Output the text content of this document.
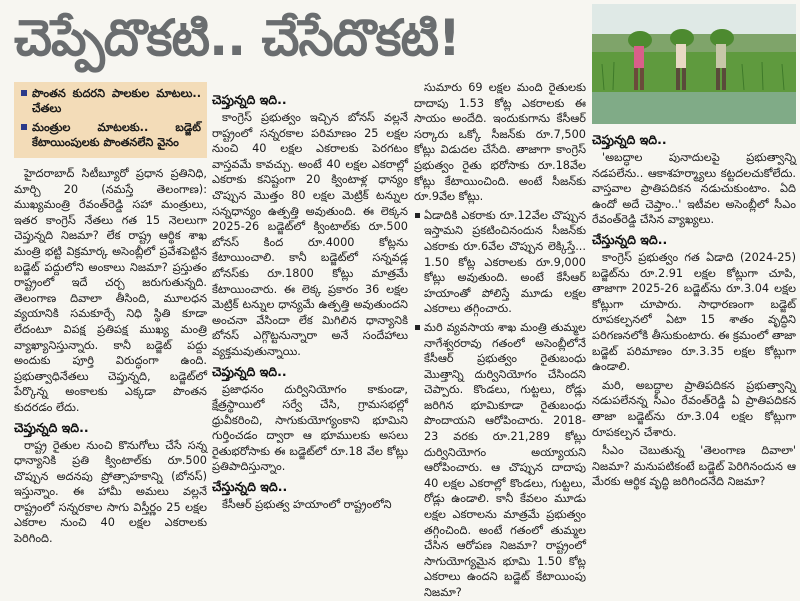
చెప్పేదొకటి.. చేసేదొకటి!
పొంతన కుదరని పాలకుల మాటలు.. చేతలు
మంత్రుల మాటలకు.. బడ్జెట్ కేటాయింపులకు పొంతనలేని వైనం

హైదరాబాద్ సిటీబ్యూరో ప్రధాన ప్రతినిధి, మార్చి 20 (నమస్తే తెలంగాణ): ముఖ్యమంత్రి రేవంత్‌రెడ్డి సహా మంత్రులు, ఇతర కాంగ్రెస్ నేతలు గత 15 నెలలుగా చెప్తున్నది నిజమా? లేక రాష్ట్ర ఆర్థిక శాఖ మంత్రి భట్టి విక్రమార్క అసెంబ్లీలో ప్రవేశపెట్టిన బడ్జెట్ పద్దులోని అంకాలు నిజమా? ప్రస్తుతం రాష్ట్రంలో ఇదే చర్చ జరుగుతున్నది. తెలంగాణ దివాలా తీసింది, మూలధన వ్యయానికి సమకూర్చే నిధి స్థితి కూడా లేదంటూ విపక్ష ప్రతిపక్ష ముఖ్య మంత్రి వ్యాఖ్యానిస్తున్నారు. కానీ బడ్జెట్ పద్దు అందుకు పూర్తి విరుద్ధంగా ఉంది. ప్రభుత్వాధినేతలు చెప్తున్నది, బడ్జెట్‌లో పేర్కొన్న అంకాలకు ఎక్కడా పొంతన కుదరడం లేదు.

చెప్తున్నది ఇది..

రాష్ట్ర రైతుల నుంచి కొనుగోలు చేసే సన్న ధాన్యానికి ప్రతి క్వింటాల్‌కు రూ.500 చొప్పున అదనపు ప్రోత్సాహకాన్ని (బోనస్) ఇస్తున్నాం. ఈ హామీ అమలు వల్లనే రాష్ట్రంలో సన్నరకాల సాగు విస్తీర్ణం 25 లక్షల ఎకరాల నుంచి 40 లక్షల ఎకరాలకు పెరిగింది.

చెప్తున్నది ఇది..

కాంగ్రెస్ ప్రభుత్వం ఇచ్చిన బోనస్ వల్లనే రాష్ట్రంలో సన్నరకాల పరిమాణం 25 లక్షల నుంచి 40 లక్షల ఎకరాలకు పెరగటం వాస్తవమే కావచ్చు. అంటే 40 లక్షల ఎకరాల్లో ఎకరాకు కనిష్టంగా 20 క్వింటాళ్ల ధాన్యం చొప్పున మొత్తం 80 లక్షల మెట్రిక్ టన్నుల సన్నధాన్యం ఉత్పత్తి అవుతుంది. ఈ లెక్కన 2025-26 బడ్జెట్‌లో క్వింటాల్‌కు రూ.500 బోనస్ కింద రూ.4000 కోట్లను కేటాయించాలి. కానీ బడ్జెట్‌లో సన్నవడ్ల బోనస్‌కు రూ.1800 కోట్లు మాత్రమే కేటాయించారు. ఈ లెక్క ప్రకారం 36 లక్షల మెట్రిక్ టన్నుల ధాన్యమే ఉత్పత్తి అవుతుందని అంచనా వేసిందా లేక మిగిలిన ధాన్యానికి బోనస్ ఎగ్గొట్టనున్నారా అనే సందేహాలు వ్యక్తమవుతున్నాయి.

చెప్తున్నది ఇది..

ప్రజాధనం దుర్వినియోగం కాకుండా, క్షేత్రస్థాయిలో సర్వే చేసి, గ్రామసభల్లో ధ్రువీకరించి, సాగుకుయోగ్యంకాని భూమిని గుర్తించడం ద్వారా ఆ భూములకు అసలు రైతుభరోసాకు ఈ బడ్జెట్‌లో రూ.18 వేల కోట్లు ప్రతిపాదిస్తున్నాం.

చేస్తున్నది ఇది..

కేసీఆర్ ప్రభుత్వ హయాంలో రాష్ట్రంలోని

సుమారు 69 లక్షల మంది రైతులకు దాదాపు 1.53 కోట్ల ఎకరాలకు ఈ సాయం అందేది. ఇందుకుగాను కేసీఆర్ సర్కారు ఒక్కో సీజన్‌కు రూ.7,500 కోట్లు విడుదల చేసేది. తాజాగా కాంగ్రెస్ ప్రభుత్వం రైతు భరోసాకు రూ.18వేల కోట్లు కేటాయించింది. అంటే సీజన్‌కు రూ.9వేల కోట్లు.

ఏడాదికి ఎకరాకు రూ.12వేల చొప్పున ఇస్తామని ప్రకటించినందున సీజన్‌కు ఎకరాకు రూ.6వేల చొప్పున లెక్కిస్తే... 1.50 కోట్ల ఎకరాలకు రూ.9,000 కోట్లు అవుతుంది. అంటే కేసీఆర్ హయాంతో పోలిస్తే మూడు లక్షల ఎకరాలు తగ్గించారు.

మరి వ్యవసాయ శాఖ మంత్రి తుమ్మల నాగేశ్వరరావు గతంలో అసెంబ్లీలోనే కేసీఆర్ ప్రభుత్వం రైతుబంధు మొత్తాన్ని దుర్వినియోగం చేసిందని చెప్పారు. కొండలు, గుట్టలు, రోడ్లు జరిగిన భూమికూడా రైతుబంధు పొందాయని ఆరోపించారు. 2018-23 వరకు రూ.21,289 కోట్లు దుర్వినియోగం అయ్యాయని ఆరోపించారు. ఆ చొప్పున దాదాపు 40 లక్షల ఎకరాల్లో కొండలు, గుట్టలు, రోడ్లు ఉండాలి. కానీ కేవలం మూడు లక్షల ఎకరాలను మాత్రమే ప్రభుత్వం తగ్గించింది. అంటే గతంలో తుమ్మల చేసిన ఆరోపణ నిజమా? రాష్ట్రంలో సాగుయోగ్యమైన భూమి 1.50 కోట్ల ఎకరాలు ఉందని బడ్జెట్ కేటాయింపు నిజమా?

చెప్తున్నది ఇది..

'అబద్ధాల పునాదులపై ప్రభుత్వాన్ని నడపలేను.. ఆకాశహర్మ్యాలు కట్టదలచుకోలేదు. వాస్తవాల ప్రాతిపదికన నడుచుకుంటాం. ఏది ఉందో అదే చెప్తాం..' ఇటీవల అసెంబ్లీలో సీఎం రేవంత్‌రెడ్డి చేసిన వ్యాఖ్యలు.

చేస్తున్నది ఇది..

కాంగ్రెస్ ప్రభుత్వం గత ఏడాది (2024-25) బడ్జెట్‌ను రూ.2.91 లక్షల కోట్లుగా చూపి, తాజాగా 2025-26 బడ్జెట్‌ను రూ.3.04 లక్షల కోట్లుగా చూపారు. సాధారణంగా బడ్జెట్ రూపకల్పనలో ఏటా 15 శాతం వృద్ధిని పరిగణనలోకి తీసుకుంటారు. ఈ క్రమంలో తాజా బడ్జెట్ పరిమాణం రూ.3.35 లక్షల కోట్లుగా ఉండాలి.

మరి, అబద్ధాల ప్రాతిపదికన ప్రభుత్వాన్ని నడుపలేనన్న సీఎం రేవంత్‌రెడ్డి ఏ ప్రాతిపదికన తాజా బడ్జెట్‌ను రూ.3.04 లక్షల కోట్లుగా రూపకల్పన చేశారు.

సీఎం చెబుతున్న 'తెలంగాణ దివాలా' నిజమా? మనుపటికంటే బడ్జెట్ పెరిగినందున ఆ మేరకు ఆర్థిక వృద్ధి జరిగిందనేది నిజమా?
